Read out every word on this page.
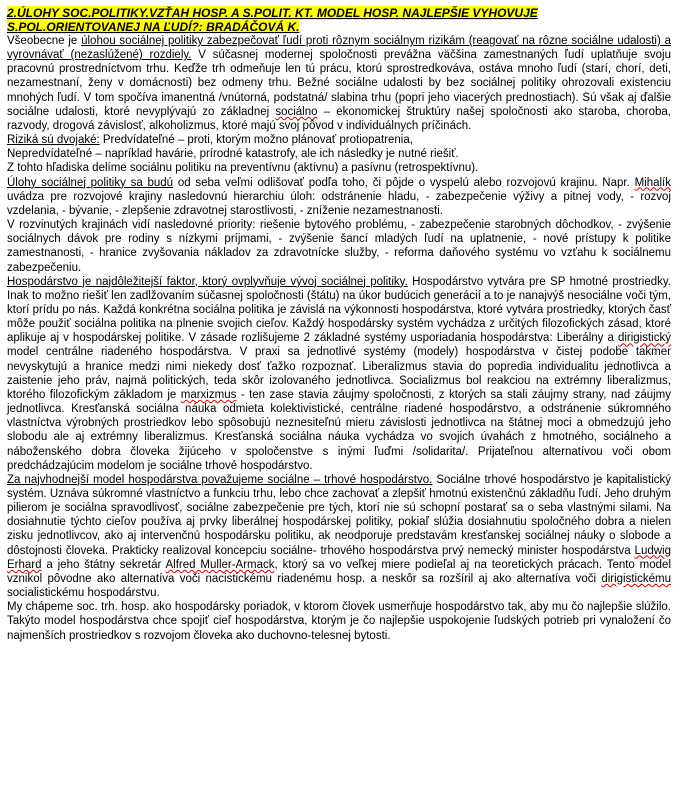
2.ÚLOHY SOC.POLITIKY.VZŤAH HOSP. A S.POLIT. KT. MODEL HOSP. NAJLEPŠIE VYHOVUJE
S.POL.ORIENTOVANEJ NA ĽUDÍ?: BRADÁČOVÁ K.

Všeobecne je úlohou sociálnej politiky zabezpečovať ľudí proti rôznym sociálnym rizikám (reagovať na rôzne sociálne udalosti) a vyrovnávať (nezaslúžené) rozdiely. V súčasnej modernej spoločnosti prevážna väčšina zamestnaných ľudí uplatňuje svoju pracovnú prostredníctvom trhu. Keďže trh odmeňuje len tú prácu, ktorú sprostredkováva, ostáva mnoho ľudí (starí, chorí, deti, nezamestnaní, ženy v domácnosti) bez odmeny trhu. Bežné sociálne udalosti by bez sociálnej politiky ohrozovali existenciu mnohých ľudí. V tom spočíva imanentná /vnútorná, podstatná/ slabina trhu (popri jeho viacerých prednostiach). Sú však aj ďalšie sociálne udalosti, ktoré nevyplývajú zo základnej sociálno – ekonomickej štruktúry našej spoločnosti ako staroba, choroba, razvody, drogová závislosť, alkoholizmus, ktoré majú svoj pôvod v individuálnych príčinách.

Riziká sú dvojaké: Predvídateľné – proti, ktorým možno plánovať protiopatrenia,

Nepredvídateľné – napríklad havárie, prírodné katastrofy, ale ich následky je nutné riešiť.

Z tohto hľadiska delíme sociálnu politiku na preventívnu (aktívnu) a pasívnu (retrospektívnu).

Úlohy sociálnej politiky sa budú od seba veľmi odlišovať podľa toho, či pôjde o vyspelú alebo rozvojovú krajinu. Napr. Mihalík uvádza pre rozvojové krajiny nasledovnú hierarchiu úloh: odstránenie hladu, - zabezpečenie výživy a pitnej vody, - rozvoj vzdelania, - bývanie, - zlepšenie zdravotnej starostlivosti, - zníženie nezamestnanosti.

V rozvinutých krajinách vidí nasledovné priority: riešenie bytového problému, - zabezpečenie starobných dôchodkov, - zvýšenie sociálnych dávok pre rodiny s nízkymi príjmami, - zvýšenie šancí mladých ľudí na uplatnenie, - nové prístupy k politike zamestnanosti, - hranice zvyšovania nákladov za zdravotnícke služby, - reforma daňového systému vo vzťahu k sociálnemu zabezpečeniu.

Hospodárstvo je najdôležitejší faktor, ktorý ovplyvňuje vývoj sociálnej politiky. Hospodárstvo vytvára pre SP hmotné prostriedky. Inak to možno riešiť len zadlžovaním súčasnej spoločnosti (štátu) na úkor budúcich generácií a to je nanajvýš nesociálne voči tým, ktorí prídu po nás. Každá konkrétna sociálna politika je závislá na výkonnosti hospodárstva, ktoré vytvára prostriedky, ktorých časť môže použiť sociálna politika na plnenie svojich cieľov. Každý hospodársky systém vychádza z určitých filozofických zásad, ktoré aplikuje aj v hospodárskej politike. V zásade rozlišujeme 2 základné systémy usporiadania hospodárstva: Liberálny a dirigistický model centrálne riadeného hospodárstva. V praxi sa jednotlivé systémy (modely) hospodárstva v čistej podobe takmer nevyskytujú a hranice medzi nimi niekedy dosť ťažko rozpoznať. Liberalizmus stavia do popredia individualitu jednotlivca a zaistenie jeho práv, najmä politických, teda skôr izolovaného jednotlivca. Socializmus bol reakciou na extrémny liberalizmus, ktorého filozofickým základom je marxizmus - ten zase stavia záujmy spoločnosti, z ktorých sa stali záujmy strany, nad záujmy jednotlivca. Kresťanská sociálna náuka odmieta kolektivistické, centrálne riadené hospodárstvo, a odstránenie súkromného vlastníctva výrobných prostriedkov lebo spôsobujú neznesiteľnú mieru závislosti jednotlivca na štátnej moci a obmedzujú jeho slobodu ale aj extrémny liberalizmus. Kresťanská sociálna náuka vychádza vo svojich úvahách z hmotného, sociálneho a náboženského dobra človeka žijúceho v spoločenstve s inými ľuďmi /solidarita/. Prijateľnou alternatívou voči obom predchádzajúcim modelom je sociálne trhové hospodárstvo.

Za najvhodnejší model hospodárstva považujeme sociálne – trhové hospodárstvo. Sociálne trhové hospodárstvo je kapitalistický systém. Uznáva súkromné vlastníctvo a funkciu trhu, lebo chce zachovať a zlepšiť hmotnú existenčnú základňu ľudí. Jeho druhým pilierom je sociálna spravodlivosť, sociálne zabezpečenie pre tých, ktorí nie sú schopní postarať sa o seba vlastnými silami. Na dosiahnutie týchto cieľov používa aj prvky liberálnej hospodárskej politiky, pokiaľ slúžia dosiahnutiu spoločného dobra a nielen zisku jednotlivcov, ako aj intervenčnú hospodársku politiku, ak neodporuje predstavám kresťanskej sociálnej náuky o slobode a dôstojnosti človeka. Prakticky realizoval koncepciu sociálne- trhového hospodárstva prvý nemecký minister hospodárstva Ludwig Erhard a jeho štátny sekretár Alfred Muller-Armack, ktorý sa vo veľkej miere podieľal aj na teoretických prácach. Tento model vznikol pôvodne ako alternatíva voči nacistickému riadenému hosp. a neskôr sa rozšíril aj ako alternatíva voči dirigistickému socialistickému hospodárstvu.

My chápeme soc. trh. hosp. ako hospodársky poriadok, v ktorom človek usmerňuje hospodárstvo tak, aby mu čo najlepšie slúžilo. Takýto model hospodárstva chce spojiť cieľ hospodárstva, ktorým je čo najlepšie uspokojenie ľudských potrieb pri vynaložení čo najmenších prostriedkov s rozvojom človeka ako duchovno-telesnej bytosti.
